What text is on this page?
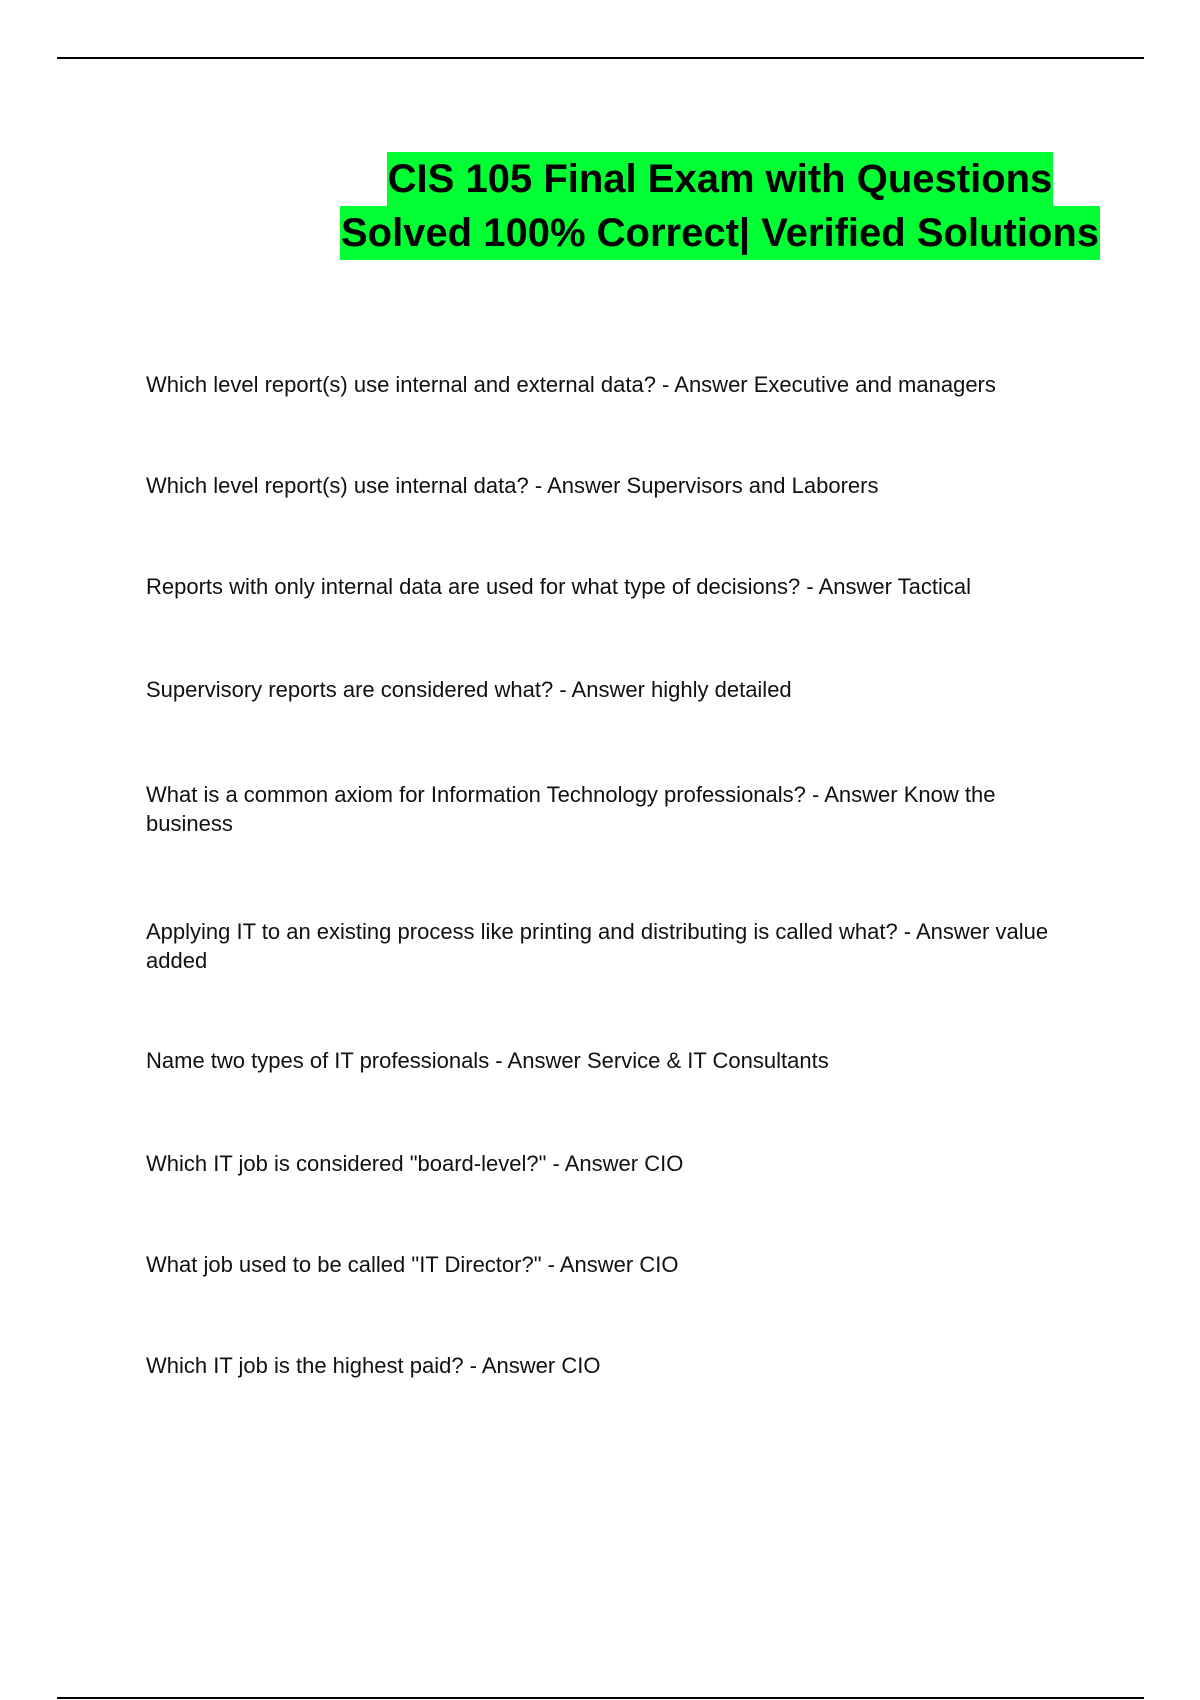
CIS 105 Final Exam with Questions
Solved 100% Correct| Verified Solutions
Which level report(s) use internal and external data? - Answer Executive and managers
Which level report(s) use internal data? - Answer Supervisors and Laborers
Reports with only internal data are used for what type of decisions? - Answer Tactical
Supervisory reports are considered what? - Answer highly detailed
What is a common axiom for Information Technology professionals? - Answer Know the business
Applying IT to an existing process like printing and distributing is called what? - Answer value added
Name two types of IT professionals - Answer Service & IT Consultants
Which IT job is considered "board-level?" - Answer CIO
What job used to be called "IT Director?" - Answer CIO
Which IT job is the highest paid? - Answer CIO
